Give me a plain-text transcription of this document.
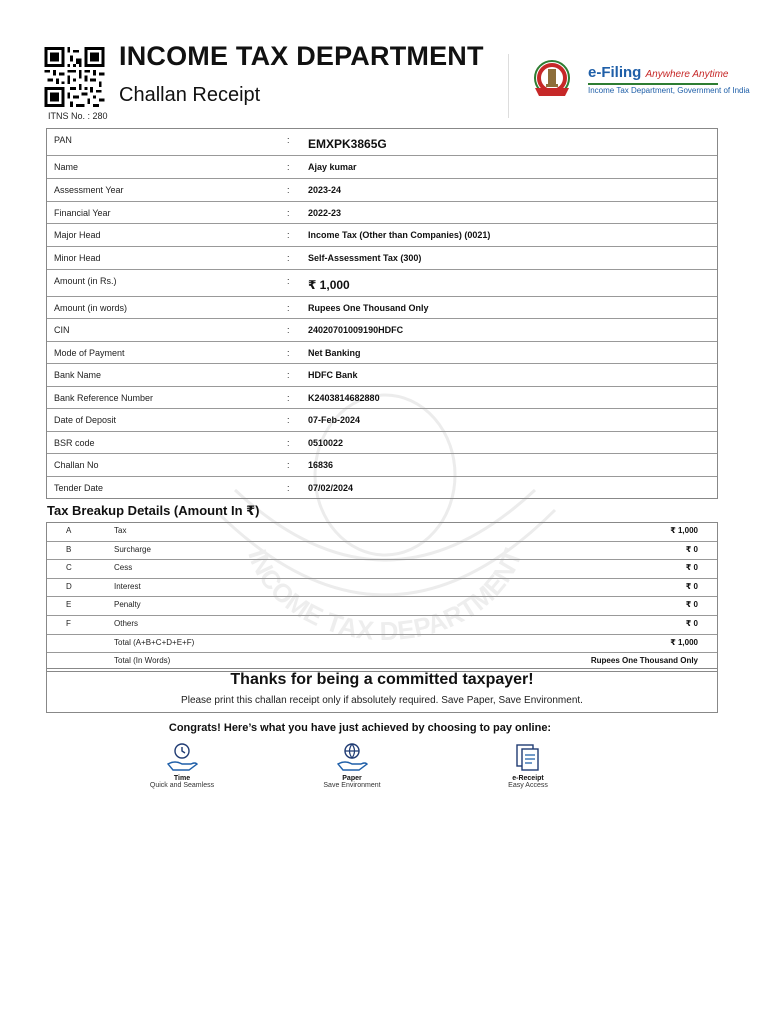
INCOME TAX DEPARTMENT
Challan Receipt
ITNS No. : 280
e-Filing Anywhere Anytime
Income Tax Department, Government of India
INCOME TAX DEPARTMENT
PAN	: EMXPK3865G
Name	: Ajay kumar
Assessment Year	: 2023-24
Financial Year	: 2022-23
Major Head	: Income Tax (Other than Companies) (0021)
Minor Head	: Self-Assessment Tax (300)
Amount (in Rs.)	: ₹ 1,000
Amount (in words)	: Rupees One Thousand Only
CIN	: 24020701009190HDFC
Mode of Payment	: Net Banking
Bank Name	: HDFC Bank
Bank Reference Number	: K2403814682880
Date of Deposit	: 07-Feb-2024
BSR code	: 0510022
Challan No	: 16836
Tender Date	: 07/02/2024
Tax Breakup Details (Amount In ₹)
A	Tax	₹ 1,000
B	Surcharge	₹ 0
C	Cess	₹ 0
D	Interest	₹ 0
E	Penalty	₹ 0
F	Others	₹ 0
Total (A+B+C+D+E+F)	₹ 1,000
Total (In Words)	Rupees One Thousand Only
Thanks for being a committed taxpayer!
Please print this challan receipt only if absolutely required. Save Paper, Save Environment.
Congrats! Here’s what you have just achieved by choosing to pay online:
Time
Quick and Seamless
Paper
Save Environment
e-Receipt
Easy Access
